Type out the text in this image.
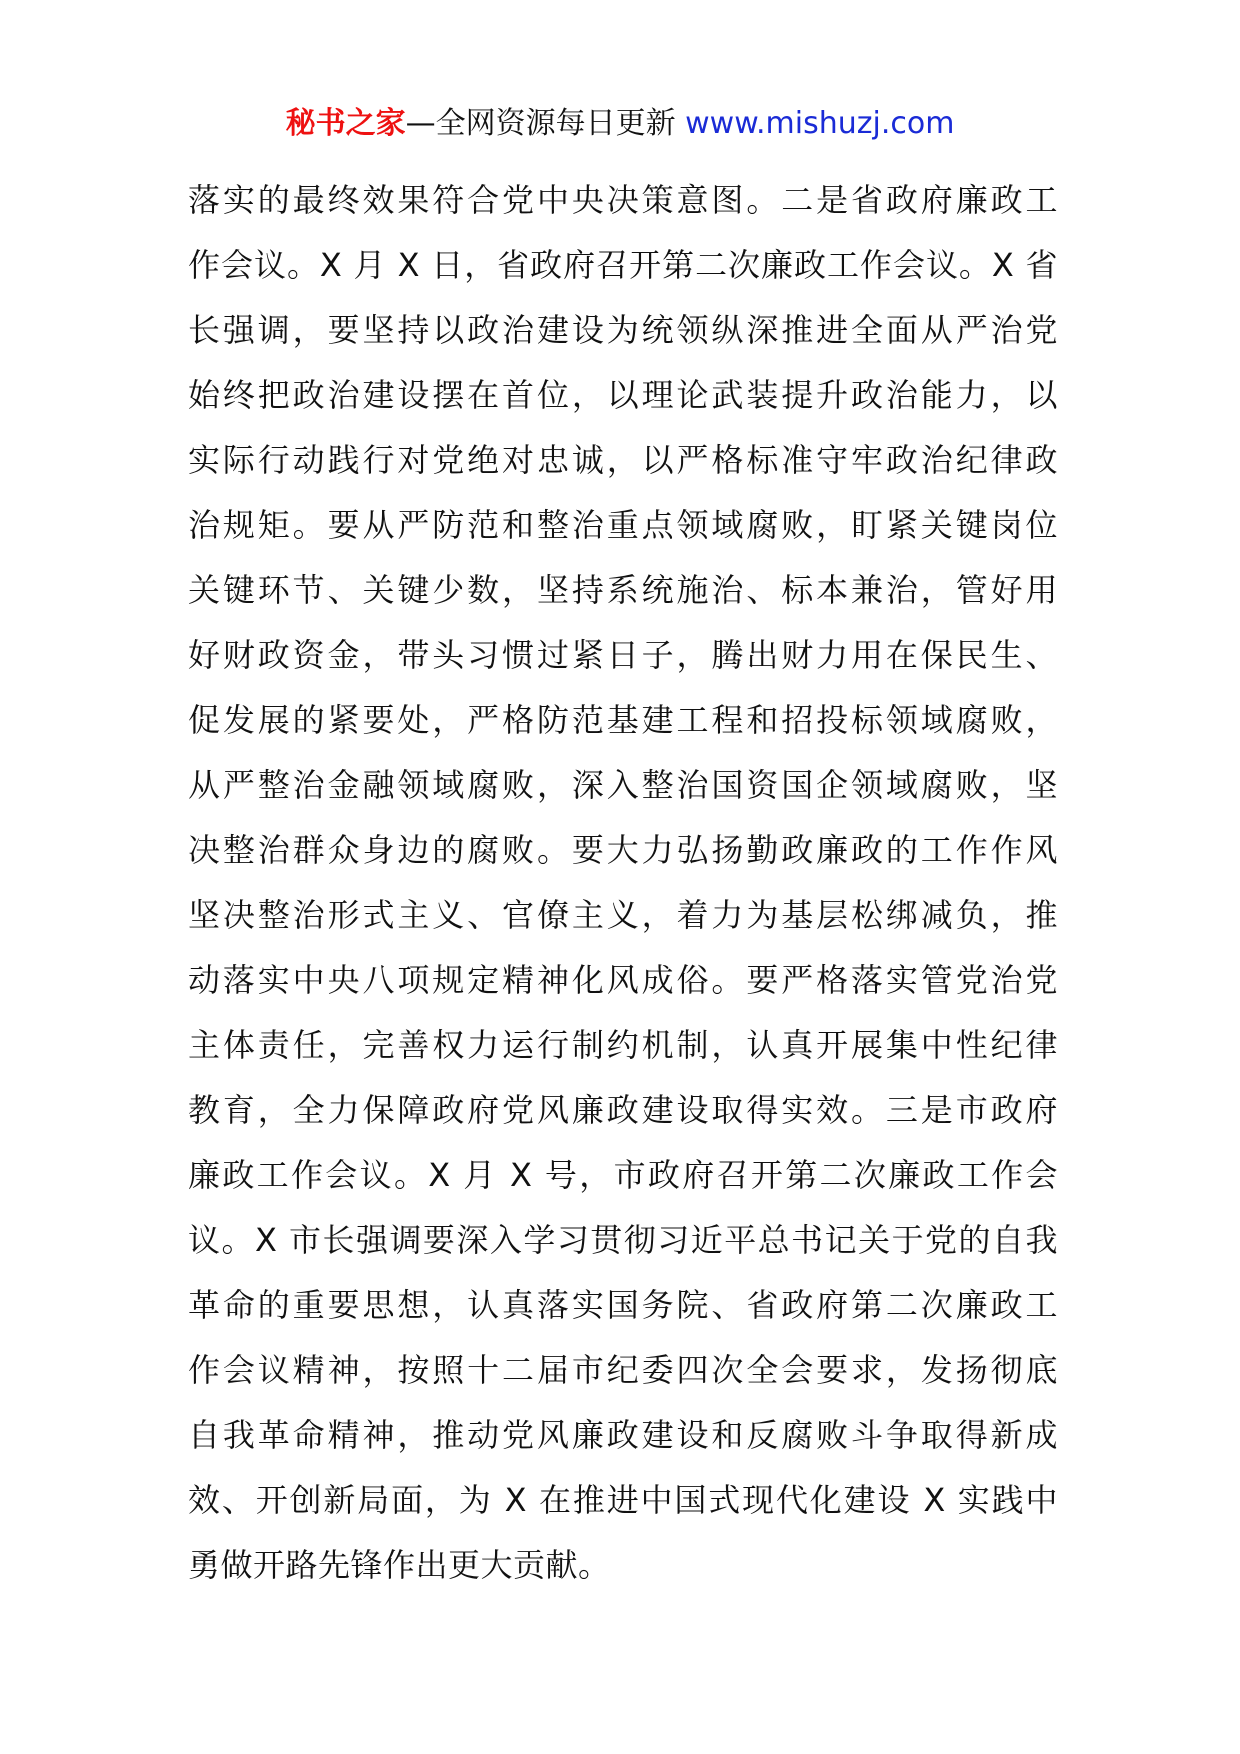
秘书之家—全网资源每日更新 www.mishuzj.com
落实的最终效果符合党中央决策意图。二是省政府廉政工
作会议。X 月 X 日，省政府召开第二次廉政工作会议。X 省
长强调，要坚持以政治建设为统领纵深推进全面从严治党
始终把政治建设摆在首位，以理论武装提升政治能力，以
实际行动践行对党绝对忠诚，以严格标准守牢政治纪律政
治规矩。要从严防范和整治重点领域腐败，盯紧关键岗位
关键环节、关键少数，坚持系统施治、标本兼治，管好用
好财政资金，带头习惯过紧日子，腾出财力用在保民生、
促发展的紧要处，严格防范基建工程和招投标领域腐败，
从严整治金融领域腐败，深入整治国资国企领域腐败，坚
决整治群众身边的腐败。要大力弘扬勤政廉政的工作作风
坚决整治形式主义、官僚主义，着力为基层松绑减负，推
动落实中央八项规定精神化风成俗。要严格落实管党治党
主体责任，完善权力运行制约机制，认真开展集中性纪律
教育，全力保障政府党风廉政建设取得实效。三是市政府
廉政工作会议。X 月 X 号，市政府召开第二次廉政工作会
议。X 市长强调要深入学习贯彻习近平总书记关于党的自我
革命的重要思想，认真落实国务院、省政府第二次廉政工
作会议精神，按照十二届市纪委四次全会要求，发扬彻底
自我革命精神，推动党风廉政建设和反腐败斗争取得新成
效、开创新局面，为 X 在推进中国式现代化建设 X 实践中
勇做开路先锋作出更大贡献。
